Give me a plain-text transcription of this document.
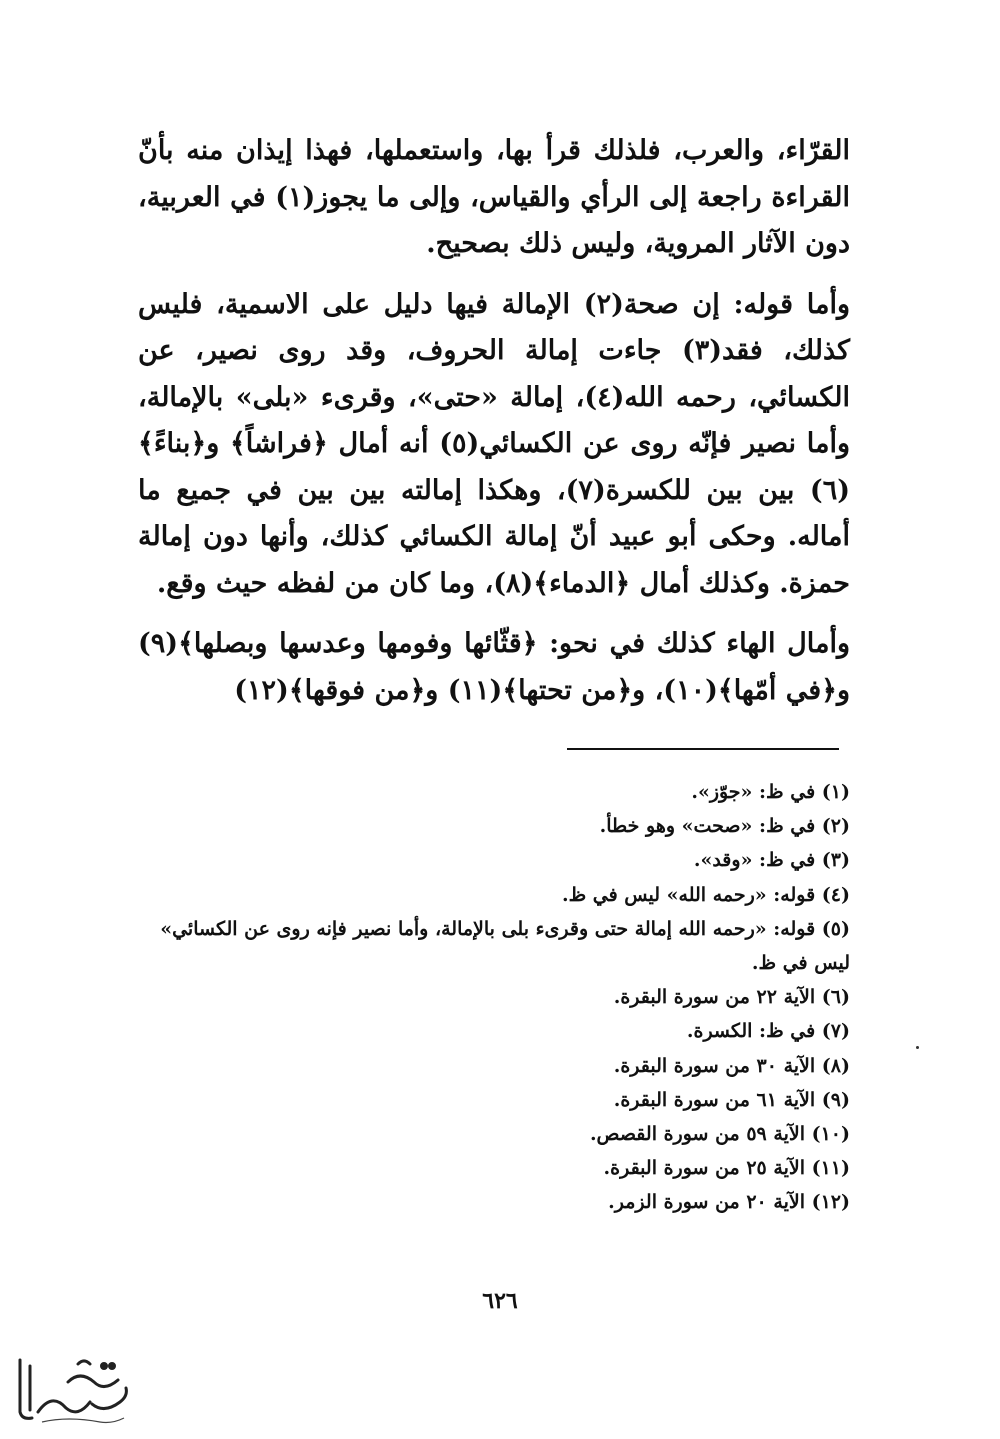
القرّاء، والعرب، فلذلك قرأ بها، واستعملها، فهذا إيذان منه بأنّ القراءة راجعة إلى الرأي والقياس، وإلى ما يجوز(١) في العربية، دون الآثار المروية، وليس ذلك بصحيح.

وأما قوله: إن صحة(٢) الإمالة فيها دليل على الاسمية، فليس كذلك، فقد(٣) جاءت إمالة الحروف، وقد روى نصير، عن الكسائي، رحمه الله(٤)، إمالة «حتى»، وقرىء «بلى» بالإمالة، وأما نصير فإنّه روى عن الكسائي(٥) أنه أمال ﴿فراشاً﴾ و﴿بناءً﴾(٦) بين بين للكسرة(٧)، وهكذا إمالته بين بين في جميع ما أماله. وحكى أبو عبيد أنّ إمالة الكسائي كذلك، وأنها دون إمالة حمزة. وكذلك أمال ﴿الدماء﴾(٨)، وما كان من لفظه حيث وقع.

وأمال الهاء كذلك في نحو: ﴿قثّائها وفومها وعدسها وبصلها﴾(٩) و﴿في أمّها﴾(١٠)، و﴿من تحتها﴾(١١) و﴿من فوقها﴾(١٢)

(١) في ظ: «جوّز».
(٢) في ظ: «صحت» وهو خطأ.
(٣) في ظ: «وقد».
(٤) قوله: «رحمه الله» ليس في ظ.
(٥) قوله: «رحمه الله إمالة حتى وقرىء بلى بالإمالة، وأما نصير فإنه روى عن الكسائي» ليس في ظ.
(٦) الآية ٢٢ من سورة البقرة.
(٧) في ظ: الكسرة.
(٨) الآية ٣٠ من سورة البقرة.
(٩) الآية ٦١ من سورة البقرة.
(١٠) الآية ٥٩ من سورة القصص.
(١١) الآية ٢٥ من سورة البقرة.
(١٢) الآية ٢٠ من سورة الزمر.
٦٢٦
